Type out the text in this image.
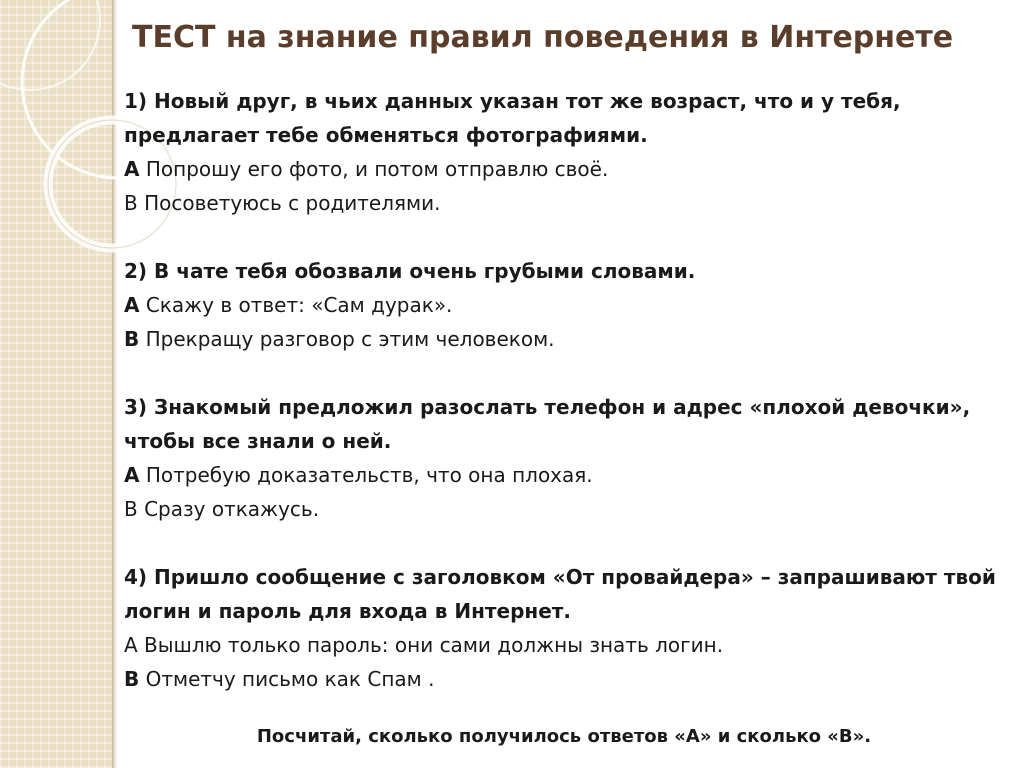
ТЕСТ на знание правил поведения в Интернете
1) Новый друг, в чьих данных указан тот же возраст, что и у тебя, предлагает тебе обменяться фотографиями.
А Попрошу его фото, и потом отправлю своё.
В Посоветуюсь с родителями.
2) В чате тебя обозвали очень грубыми словами.
А Скажу в ответ: «Сам дурак».
В Прекращу разговор с этим человеком.
3) Знакомый предложил разослать телефон и адрес «плохой девочки», чтобы все знали о ней.
А Потребую доказательств, что она плохая.
В Сразу откажусь.
4) Пришло сообщение с заголовком «От провайдера» – запрашивают твой логин и пароль для входа в Интернет.
А Вышлю только пароль: они сами должны знать логин.
В Отметчу письмо как Спам .
Посчитай, сколько получилось ответов «А» и сколько «В».
